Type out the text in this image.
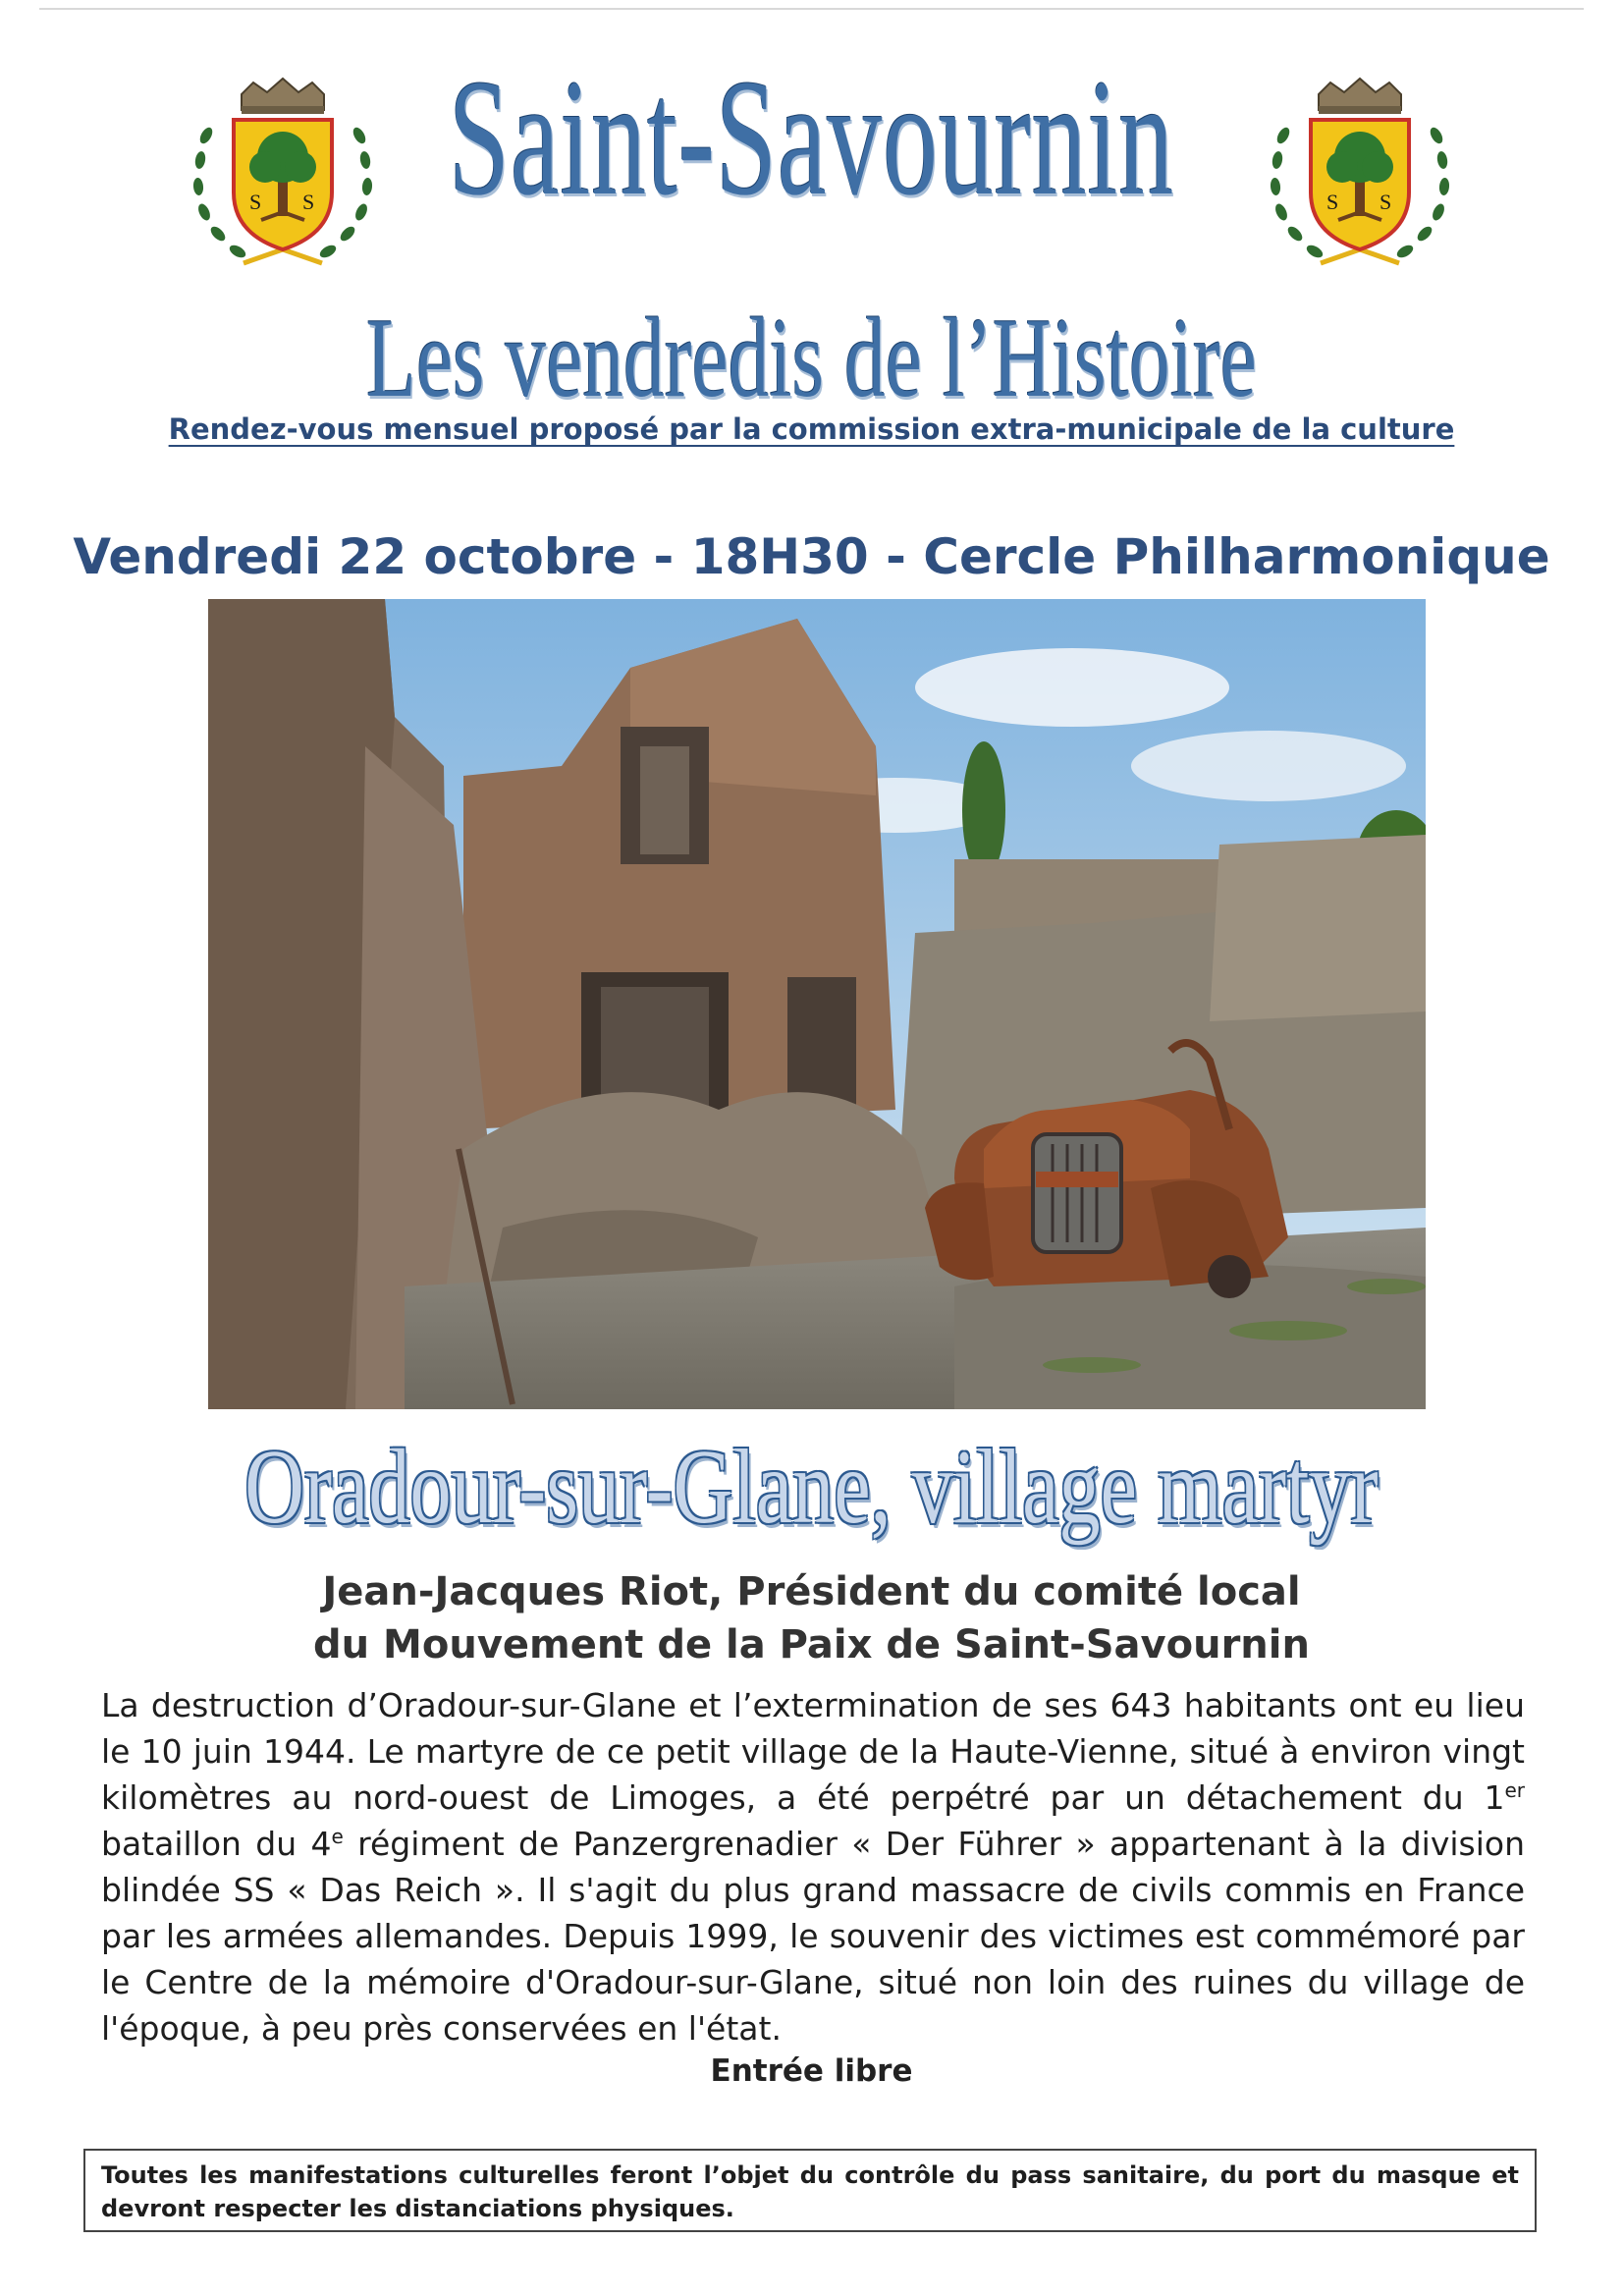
S S	S S
Saint-Savournin
Les vendredis de l’Histoire
Rendez-vous mensuel proposé par la commission extra-municipale de la culture
Vendredi 22 octobre - 18H30 - Cercle Philharmonique
Oradour-sur-Glane, village martyr
Jean-Jacques Riot, Président du comité local
du Mouvement de la Paix de Saint-Savournin
La destruction d’Oradour-sur-Glane et l’extermination de ses 643 habitants ont eu lieu le 10 juin 1944. Le martyre de ce petit village de la Haute-Vienne, situé à environ vingt kilomètres au nord-ouest de Limoges, a été perpétré par un détachement du 1er bataillon du 4e régiment de Panzergrenadier « Der Führer » appartenant à la division blindée SS « Das Reich ». Il s'agit du plus grand massacre de civils commis en France par les armées allemandes. Depuis 1999, le souvenir des victimes est commémoré par le Centre de la mémoire d'Oradour-sur-Glane, situé non loin des ruines du village de l'époque, à peu près conservées en l'état.
Entrée libre
Toutes les manifestations culturelles feront l’objet du contrôle du pass sanitaire, du port du masque et devront respecter les distanciations physiques.
